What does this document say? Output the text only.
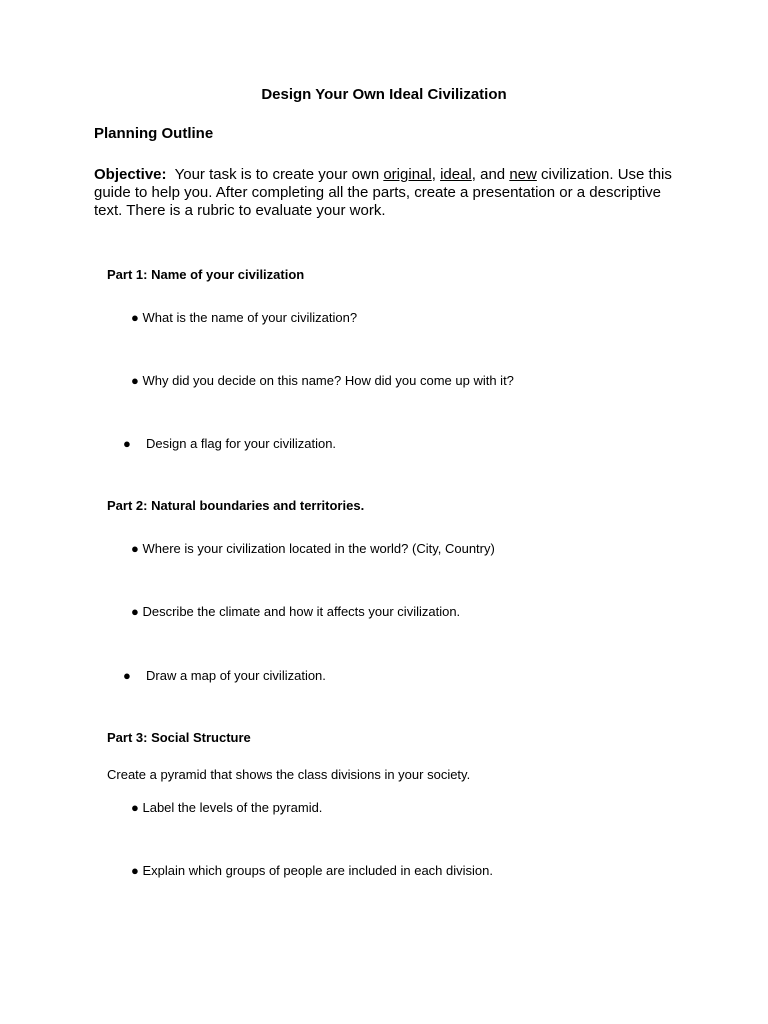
Design Your Own Ideal Civilization
Planning Outline
Objective: Your task is to create your own original, ideal, and new civilization. Use this guide to help you. After completing all the parts, create a presentation or a descriptive text. There is a rubric to evaluate your work.
Part 1: Name of your civilization
● What is the name of your civilization?
● Why did you decide on this name? How did you come up with it?
● Design a flag for your civilization.
Part 2: Natural boundaries and territories.
● Where is your civilization located in the world? (City, Country)
● Describe the climate and how it affects your civilization.
● Draw a map of your civilization.
Part 3: Social Structure
Create a pyramid that shows the class divisions in your society.
● Label the levels of the pyramid.
● Explain which groups of people are included in each division.
